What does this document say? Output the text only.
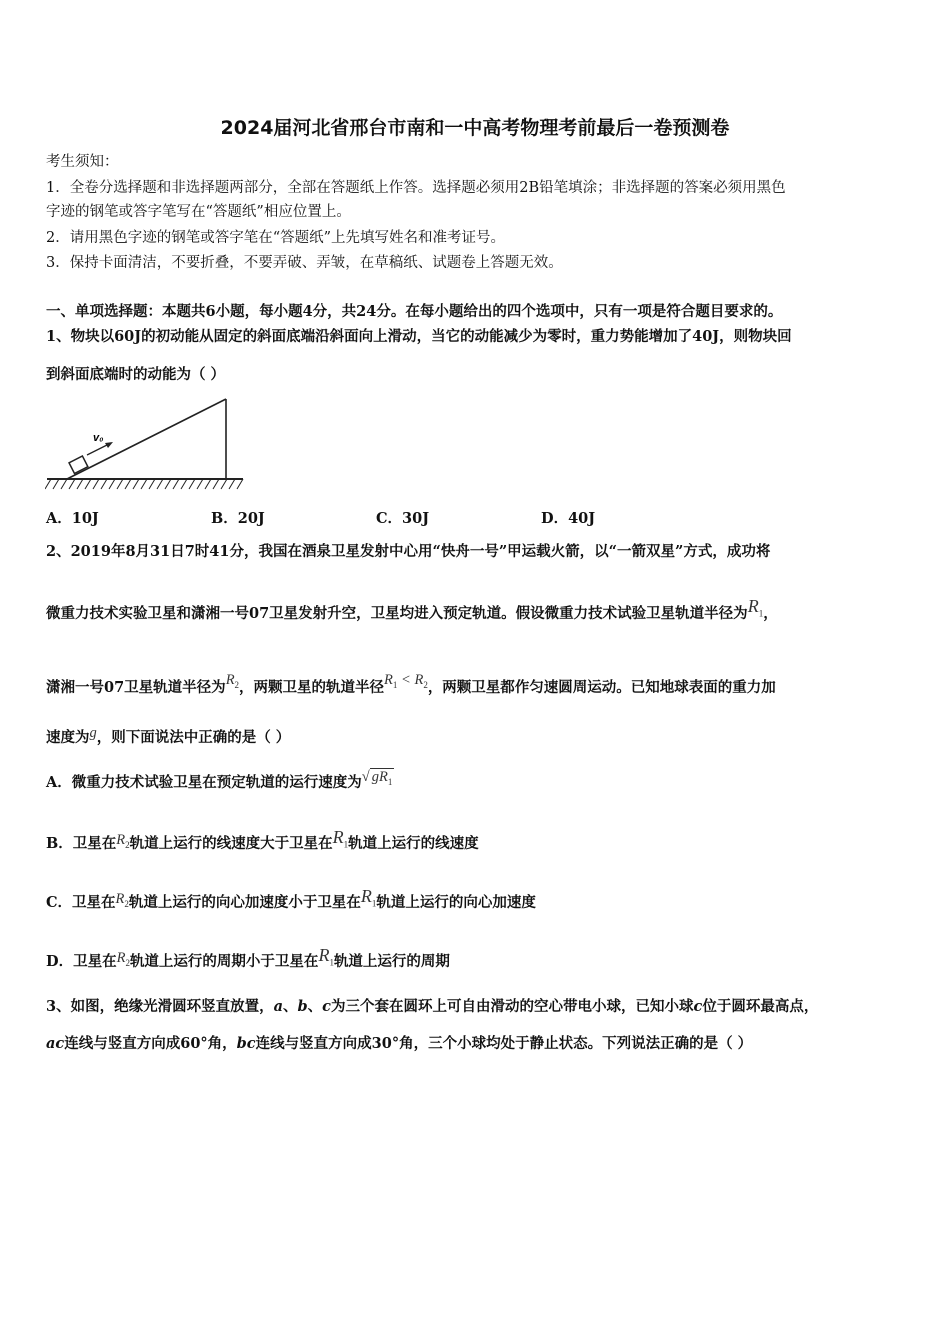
2024届河北省邢台市南和一中高考物理考前最后一卷预测卷
考生须知：
1．全卷分选择题和非选择题两部分，全部在答题纸上作答。选择题必须用2B铅笔填涂；非选择题的答案必须用黑色
字迹的钢笔或答字笔写在“答题纸”相应位置上。
2．请用黑色字迹的钢笔或答字笔在“答题纸”上先填写姓名和准考证号。
3．保持卡面清洁，不要折叠，不要弄破、弄皱，在草稿纸、试题卷上答题无效。
一、单项选择题：本题共6小题，每小题4分，共24分。在每小题给出的四个选项中，只有一项是符合题目要求的。
1、物块以60J的初动能从固定的斜面底端沿斜面向上滑动，当它的动能减少为零时，重力势能增加了40J，则物块回
到斜面底端时的动能为（ ）
v₀
A．10J	B．20J	C．30J	D．40J
2、2019年8月31日7时41分，我国在酒泉卫星发射中心用“快舟一号”甲运载火箭，以“一箭双星”方式，成功将
微重力技术实验卫星和潇湘一号07卫星发射升空，卫星均进入预定轨道。假设微重力技术试验卫星轨道半径为$R_1$，
潇湘一号07卫星轨道半径为$R_2$，两颗卫星的轨道半径$R_1 < R_2$，两颗卫星都作匀速圆周运动。已知地球表面的重力加
速度为g，则下面说法中正确的是（ ）
A．微重力技术试验卫星在预定轨道的运行速度为√ $gR_1$
B．卫星在$R_2$轨道上运行的线速度大于卫星在$R_1$轨道上运行的线速度
C．卫星在$R_2$轨道上运行的向心加速度小于卫星在$R_1$轨道上运行的向心加速度
D．卫星在$R_2$轨道上运行的周期小于卫星在$R_1$轨道上运行的周期
3、如图，绝缘光滑圆环竖直放置，a、b、c为三个套在圆环上可自由滑动的空心带电小球，已知小球c位于圆环最高点，
ac连线与竖直方向成60°角，bc连线与竖直方向成30°角，三个小球均处于静止状态。下列说法正确的是（ ）
